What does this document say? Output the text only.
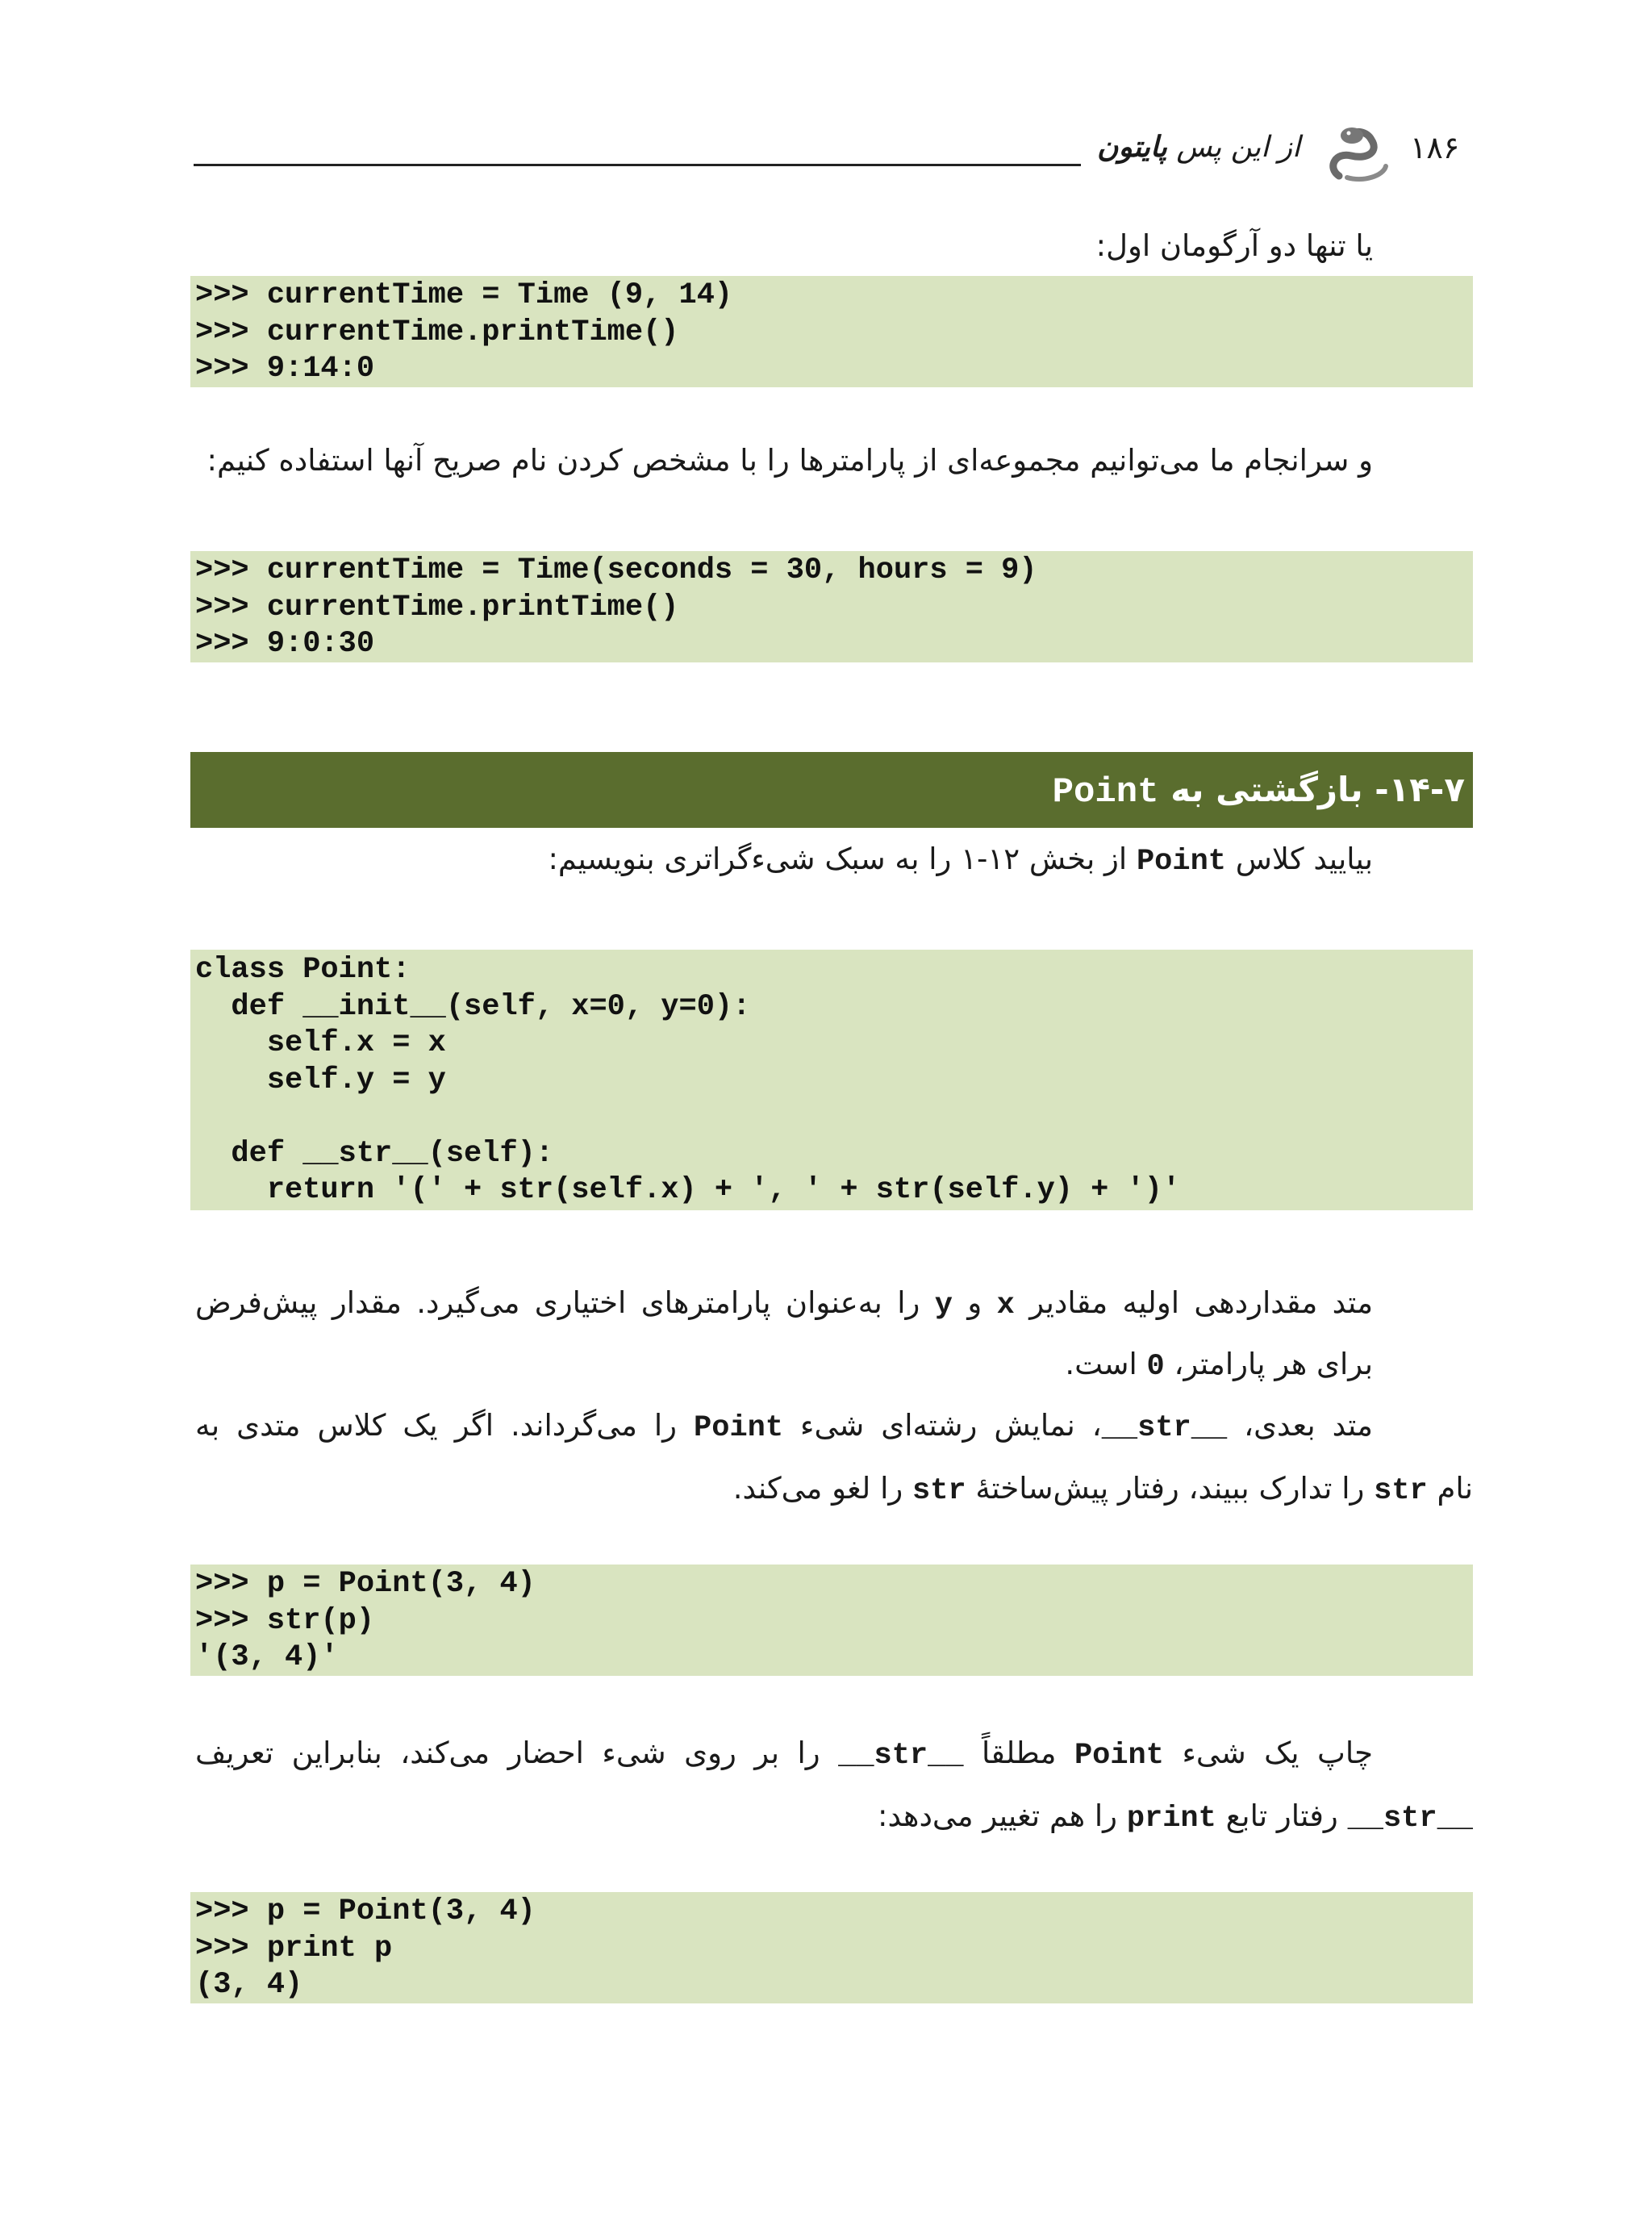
از این پس پایتون	۱۸۶
یا تنها دو آرگومان اول:
>>> currentTime = Time (9, 14)
>>> currentTime.printTime()
>>> 9:14:0
و سرانجام ما می‌توانیم مجموعه‌ای از پارامترها را با مشخص کردن نام صریح آنها استفاده کنیم:
>>> currentTime = Time(seconds = 30, hours = 9)
>>> currentTime.printTime()
>>> 9:0:30
۱۴-۷- بازگشتی به Point
بیایید کلاس Point از بخش ۱۲-۱ را به سبک شیءگراتری بنویسیم:
class Point:
def __init__(self, x=0, y=0):
self.x = x
self.y = y

def __str__(self):
return '(' + str(self.x) + ', ' + str(self.y) + ')'
متد مقداردهی اولیه مقادیر x و y را به‌عنوان پارامترهای اختیاری می‌گیرد. مقدار پیش‌فرض
برای هر پارامتر، 0 است.
متد بعدی، __str__، نمایش رشته‌ای شیء Point را می‌گرداند. اگر یک کلاس متدی به
نام str را تدارک ببیند، رفتار پیش‌ساختهٔ str را لغو می‌کند.
>>> p = Point(3, 4)
>>> str(p)
'(3, 4)'
چاپ یک شیء Point مطلقاً __str__ را بر روی شیء احضار می‌کند، بنابراین تعریف
__str__ رفتار تابع print را هم تغییر می‌دهد:
>>> p = Point(3, 4)
>>> print p
(3, 4)
